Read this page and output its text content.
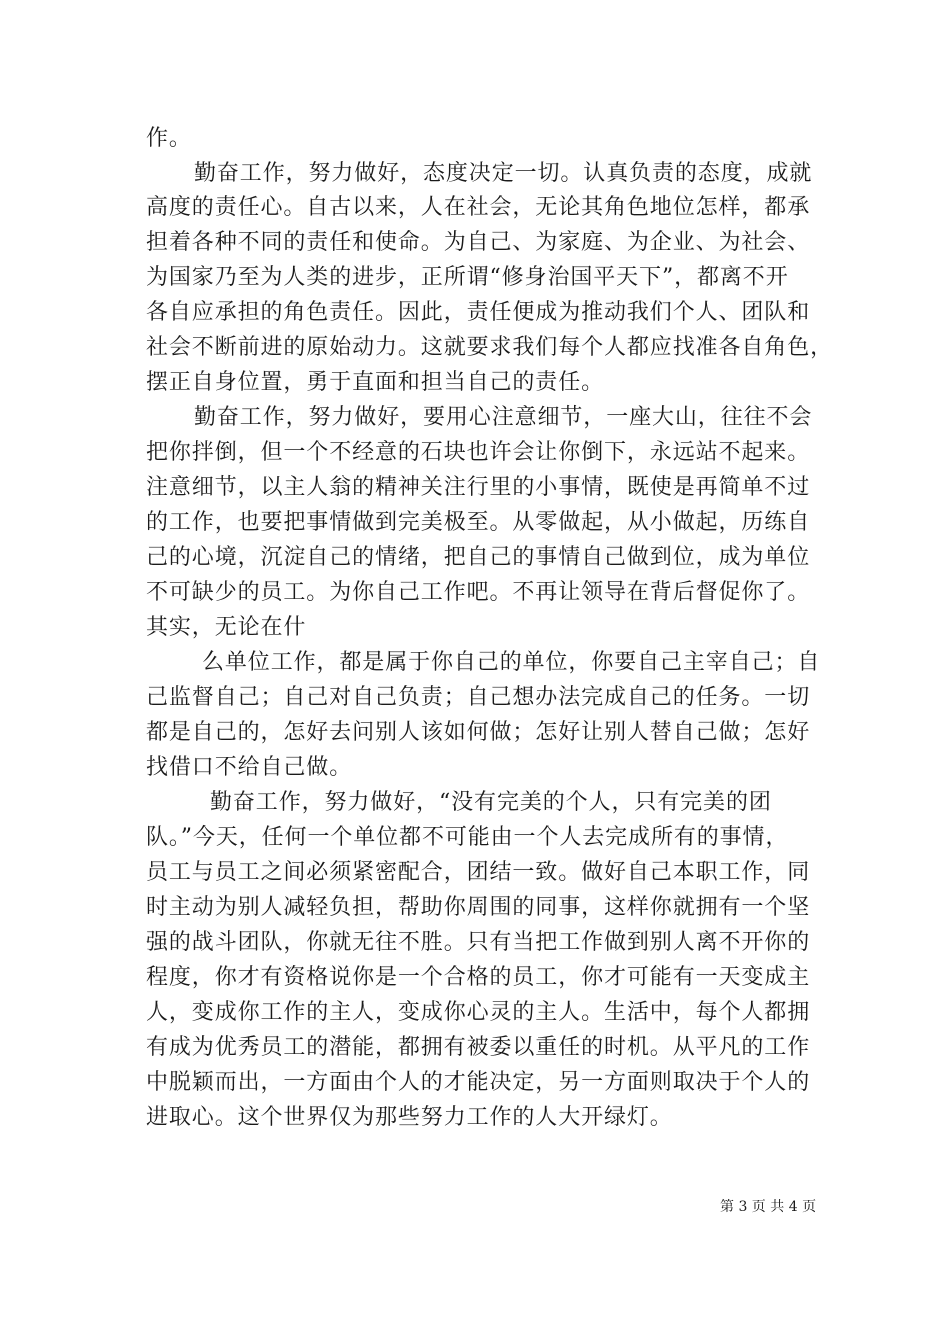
作。

勤奋工作，努力做好，态度决定一切。认真负责的态度，成就

高度的责任心。自古以来，人在社会，无论其角色地位怎样，都承

担着各种不同的责任和使命。为自己、为家庭、为企业、为社会、

为国家乃至为人类的进步，正所谓“修身治国平天下”，都离不开

各自应承担的角色责任。因此，责任便成为推动我们个人、团队和

社会不断前进的原始动力。这就要求我们每个人都应找准各自角色，

摆正自身位置，勇于直面和担当自己的责任。

勤奋工作，努力做好，要用心注意细节，一座大山，往往不会

把你拌倒，但一个不经意的石块也许会让你倒下，永远站不起来。

注意细节，以主人翁的精神关注行里的小事情，既使是再简单不过

的工作，也要把事情做到完美极至。从零做起，从小做起，历练自

己的心境，沉淀自己的情绪，把自己的事情自己做到位，成为单位

不可缺少的员工。为你自己工作吧。不再让领导在背后督促你了。

其实，无论在什

么单位工作，都是属于你自己的单位，你要自己主宰自己；自

己监督自己；自己对自己负责；自己想办法完成自己的任务。一切

都是自己的，怎好去问别人该如何做；怎好让别人替自己做；怎好

找借口不给自己做。

勤奋工作，努力做好，“没有完美的个人，只有完美的团

队。”今天，任何一个单位都不可能由一个人去完成所有的事情，

员工与员工之间必须紧密配合，团结一致。做好自己本职工作，同

时主动为别人减轻负担，帮助你周围的同事，这样你就拥有一个坚

强的战斗团队，你就无往不胜。只有当把工作做到别人离不开你的

程度，你才有资格说你是一个合格的员工，你才可能有一天变成主

人，变成你工作的主人，变成你心灵的主人。生活中，每个人都拥

有成为优秀员工的潜能，都拥有被委以重任的时机。从平凡的工作

中脱颖而出，一方面由个人的才能决定，另一方面则取决于个人的

进取心。这个世界仅为那些努力工作的人大开绿灯。

第 3 页 共 4 页
